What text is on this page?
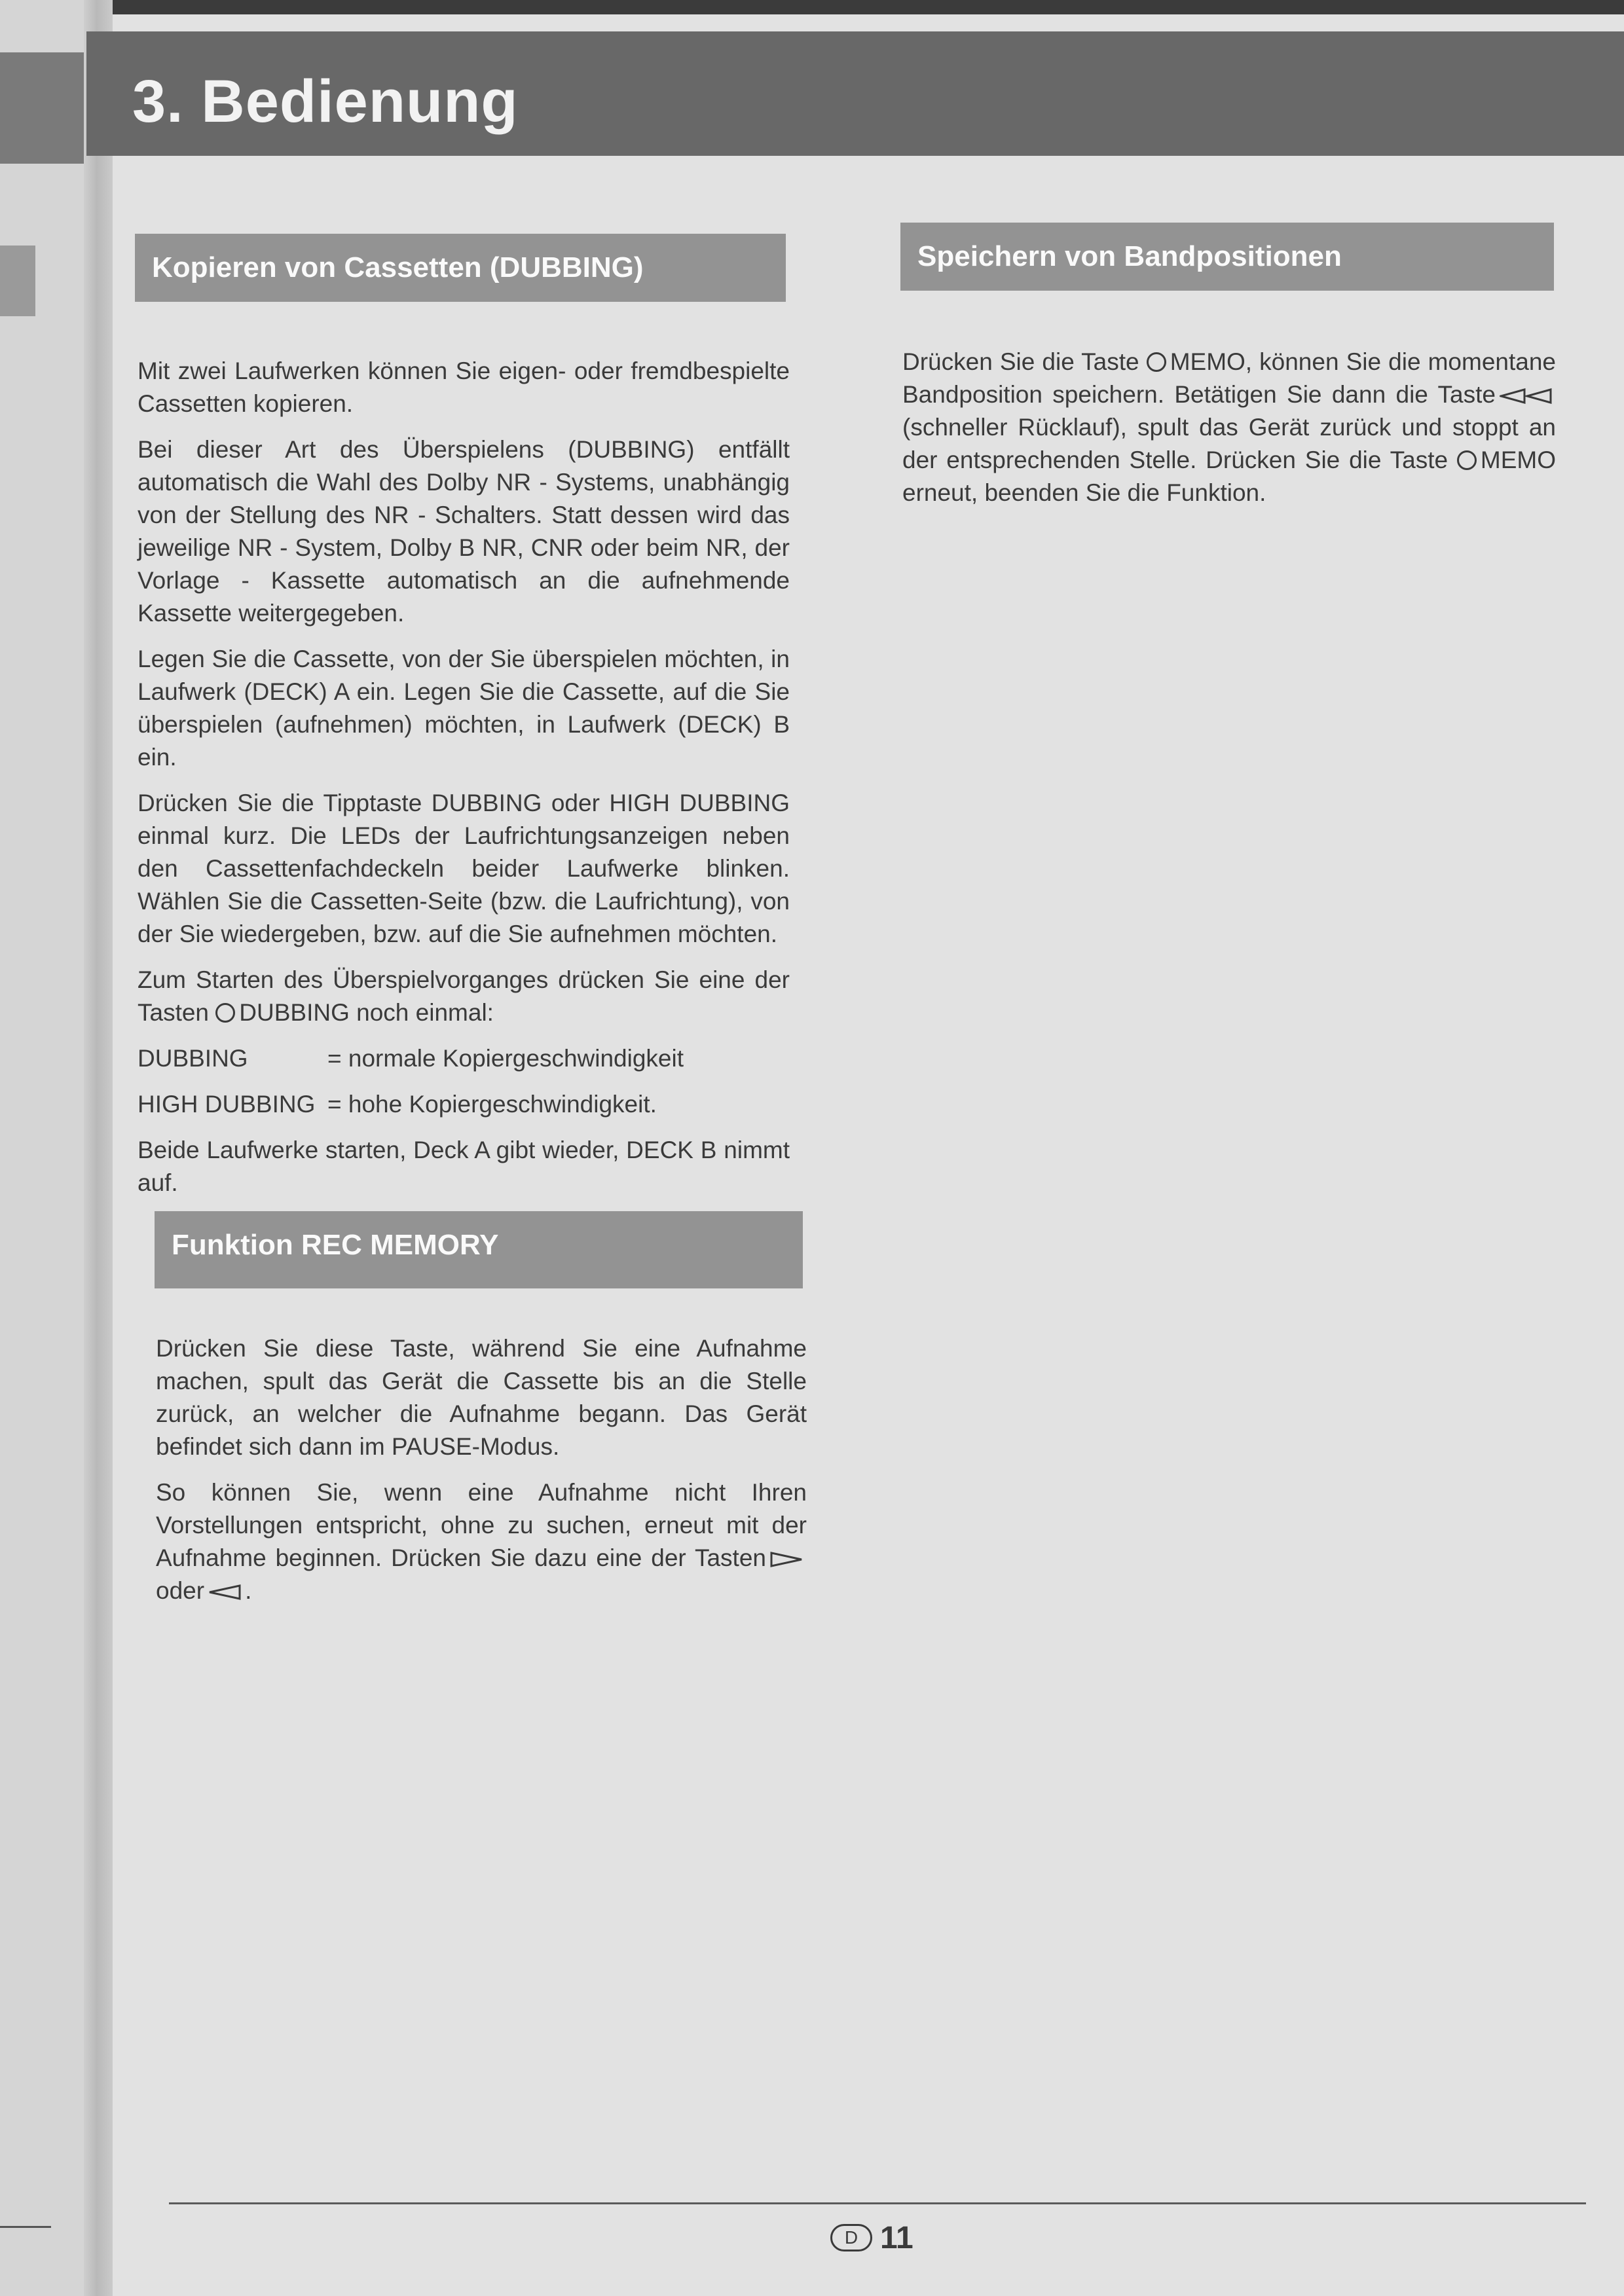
3. Bedienung
Kopieren von Cassetten (DUBBING)

Mit zwei Laufwerken können Sie eigen- oder fremdbespielte Cassetten kopieren.

Bei dieser Art des Überspielens (DUBBING) entfällt automatisch die Wahl des Dolby NR - Systems, unabhängig von der Stellung des NR - Schalters. Statt dessen wird das jeweilige NR - System, Dolby B NR, CNR oder beim NR, der Vorlage - Kassette automatisch an die aufnehmende Kassette weitergegeben.

Legen Sie die Cassette, von der Sie überspielen möchten, in Laufwerk (DECK) A ein. Legen Sie die Cassette, auf die Sie überspielen (aufnehmen) möchten, in Laufwerk (DECK) B ein.

Drücken Sie die Tipptaste DUBBING oder HIGH DUBBING einmal kurz. Die LEDs der Laufrichtungsanzeigen neben den Cassettenfachdeckeln beider Laufwerke blinken. Wählen Sie die Cassetten-Seite (bzw. die Laufrichtung), von der Sie wiedergeben, bzw. auf die Sie aufnehmen möchten.

Zum Starten des Überspielvorganges drücken Sie eine der Tasten DUBBING noch einmal:

DUBBING	= normale Kopiergeschwindigkeit
HIGH DUBBING = hohe Kopiergeschwindigkeit.

Beide Laufwerke starten, Deck A gibt wieder, DECK B nimmt auf.

Funktion REC MEMORY

Drücken Sie diese Taste, während Sie eine Aufnahme machen, spult das Gerät die Cassette bis an die Stelle zurück, an welcher die Aufnahme begann. Das Gerät befindet sich dann im PAUSE-Modus.

So können Sie, wenn eine Aufnahme nicht Ihren Vorstellungen entspricht, ohne zu suchen, erneut mit der Aufnahme beginnen. Drücken Sie dazu eine der Tastenoder .

Speichern von Bandpositionen

Drücken Sie die Taste MEMO, können Sie die momentane Bandposition speichern. Betätigen Sie dann die Taste(schneller Rücklauf), spult das Gerät zurück und stoppt an der entsprechenden Stelle. Drücken Sie die Taste MEMO erneut, beenden Sie die Funktion.

D 11
